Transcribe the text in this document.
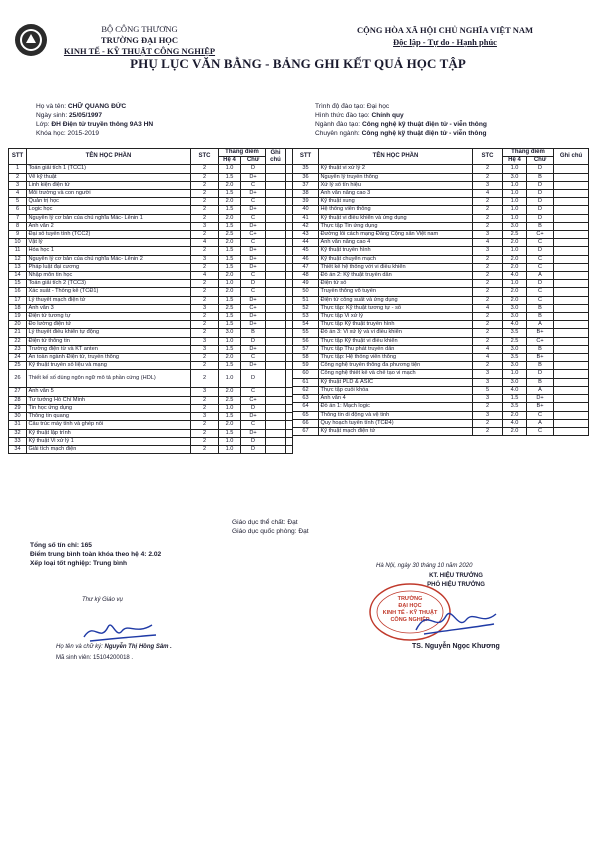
BỘ CÔNG THƯƠNG
TRƯỜNG ĐẠI HỌC
KINH TẾ - KỸ THUẬT CÔNG NGHIỆP
CỘNG HÒA XÃ HỘI CHỦ NGHĨA VIỆT NAM
Độc lập - Tự do - Hạnh phúc
PHỤ LỤC VĂN BẰNG - BẢNG GHI KẾT QUẢ HỌC TẬP
Họ và tên: CHỮ QUANG ĐỨC
Ngày sinh: 25/05/1997
Lớp: ĐH Điện tử truyền thông 9A3 HN
Khóa học: 2015-2019
Trình độ đào tạo: Đại học
Hình thức đào tạo: Chính quy
Ngành đào tạo: Công nghệ kỹ thuật điện tử - viễn thông
Chuyên ngành: Công nghệ kỹ thuật điện tử - viễn thông
STT	TÊN HỌC PHẦN	STC	Thang điểm		Ghi chú	
			Hệ 4	Chữ		
1	Toán giải tích 1 (TCC1)	2	1.0	D		
2	Vẽ kỹ thuật	2	1.5	D+		
3	Linh kiện điện tử	2	2.0	C		
4	Môi trường và con người	2	1.5	D+		
5	Quản trị học	2	2.0	C		
6	Logic học	2	1.5	D+		
7	Nguyên lý cơ bản của chủ nghĩa Mác- Lênin 1	2	2.0	C		
8	Anh văn 2	3	1.5	D+		
9	Đại số tuyến tính (TCC2)	2	2.5	C+		
10	Vật lý	4	2.0	C		
11	Hóa học 1	2	1.5	D+		
12	Nguyên lý cơ bản của chủ nghĩa Mác- Lênin 2	3	1.5	D+		
13	Pháp luật đại cương	2	1.5	D+		
14	Nhập môn tin học	4	2.0	C		
15	Toán giải tích 2 (TCC3)	2	1.0	D		
16	Xác suất - Thống kê (TCĐ1)	2	2.0	C		
17	Lý thuyết mạch điện tử	2	1.5	D+		
18	Anh văn 3	3	2.5	C+		
19	Điện tử tương tự	2	1.5	D+		
20	Đo lường điện tử	2	1.5	D+		
21	Lý thuyết điều khiển tự động	2	3.0	B		
22	Điện tử thông tin	3	1.0	D		
23	Trường điện từ và KT anten	3	1.5	D+		
24	An toàn ngành Điện tử, truyền thông	2	2.0	C		
25	Kỹ thuật truyền số liệu và mạng	2	1.5	D+		
26	Thiết kế số dùng ngôn ngữ mô tả phần cứng (HDL)	2	1.0	D		
27	Anh văn 5	3	2.0	C		
28	Tư tưởng Hồ Chí Minh	2	2.5	C+		
29	Tin học ứng dụng	2	1.0	D		
30	Thông tin quang	3	1.5	D+		
31	Cấu trúc máy tính và ghép nối	2	2.0	C		
32	Kỹ thuật lập trình	2	1.5	D+		
33	Kỹ thuật Vi xử lý 1	2	1.0	D		
34	Giải tích mạch điện	2	1.0	D		
STT	TÊN HỌC PHẦN	STC	Thang điểm		Ghi chú
			Hệ 4	Chữ	
35	Kỹ thuật vi xử lý 2	2	1.0	D	
36	Nguyên lý truyền thông	2	3.0	B	
37	Xử lý số tín hiệu	3	1.0	D	
38	Anh văn nâng cao 3	4	1.0	D	
39	Kỹ thuật xung	2	1.0	D	
40	Hệ thống viễn thông	2	1.0	D	
41	Kỹ thuật vi điều khiển và ứng dụng	2	1.0	D	
42	Thực tập Tin ứng dụng	2	3.0	B	
43	Đường lối cách mạng Đảng Cộng sản Việt nam	3	2.5	C+	
44	Anh văn nâng cao 4	4	2.0	C	
45	Kỹ thuật truyền hình	3	1.0	D	
46	Kỹ thuật chuyển mạch	2	2.0	C	
47	Thiết kế hệ thống với vi điều khiển	2	2.0	C	
48	Đồ án 2: Kỹ thuật truyền dẫn	2	4.0	A	
49	Điện tử số	2	1.0	D	
50	Truyền thông vô tuyến	2	2.0	C	
51	Điện tử công suất và ứng dụng	2	2.0	C	
52	Thực tập: Kỹ thuật tương tự - số	4	3.0	B	
53	Thực tập Vi xử lý	2	3.0	B	
54	Thực tập Kỹ thuật truyền hình	2	4.0	A	
55	Đồ án 3: Vi xử lý và vi điều khiển	2	3.5	B+	
56	Thực tập Kỹ thuật vi điều khiển	2	2.5	C+	
57	Thực tập Thu phát truyền dẫn	4	3.0	B	
58	Thực tập: Hệ thống viễn thông	4	3.5	B+	
59	Công nghệ truyền thông đa phương tiện	2	3.0	B	
60	Công nghệ thiết kế và chế tạo vi mạch	3	1.0	D	
61	Kỹ thuật PLD & ASIC	3	3.0	B	
62	Thực tập cuối khóa	5	4.0	A	
63	Anh văn 4	3	1.5	D+	
64	Đồ án 1: Mạch logic	2	3.5	B+	
65	Thông tin di động và vệ tinh	3	2.0	C	
66	Quy hoạch tuyến tính (TCĐ4)	2	4.0	A	
67	Kỹ thuật mạch điện tử	2	2.0	C	
Giáo dục thể chất: Đạt
Giáo dục quốc phòng: Đạt
Tổng số tín chỉ: 165
Điểm trung bình toàn khóa theo hệ 4: 2.02
Xếp loại tốt nghiệp: Trung bình
Thư ký Giáo vụ
Họ tên và chữ ký: Nguyễn Thị Hồng Sâm .
Mã sinh viên: 15104200018 .
Hà Nội, ngày 30 tháng 10 năm 2020
KT. HIỆU TRƯỞNG
PHÓ HIỆU TRƯỞNG
TRƯỜNG
ĐẠI HỌC
KINH TẾ - KỸ THUẬT
CÔNG NGHIỆP
TS. Nguyễn Ngọc Khương
